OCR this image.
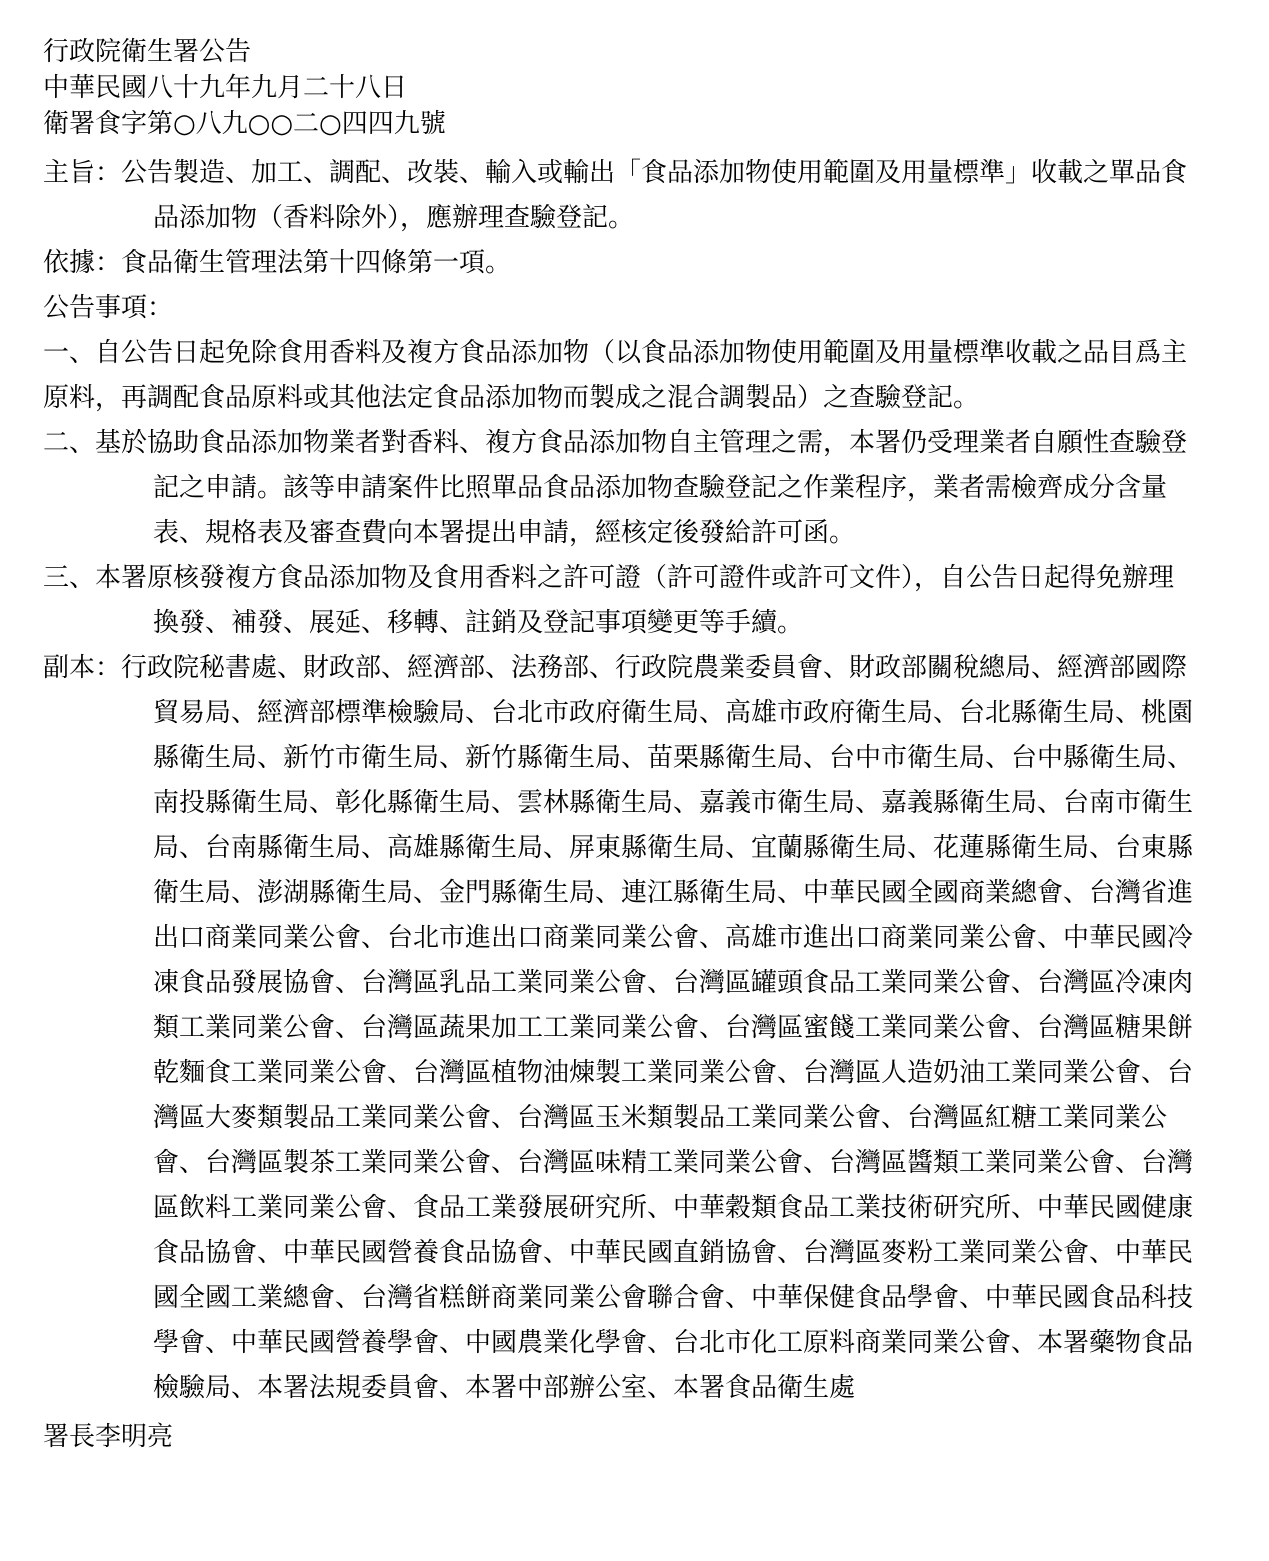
行政院衛生署公告

中華民國八十九年九月二十八日

衛署食字第○八九○○二○四四九號

主旨：公告製造、加工、調配、改裝、輸入或輸出「食品添加物使用範圍及用量標準」收載之單品食品添加物（香料除外），應辦理查驗登記。

依據：食品衛生管理法第十四條第一項。

公告事項：

一、自公告日起免除食用香料及複方食品添加物（以食品添加物使用範圍及用量標準收載之品目爲主原料，再調配食品原料或其他法定食品添加物而製成之混合調製品）之查驗登記。

二、基於協助食品添加物業者對香料、複方食品添加物自主管理之需，本署仍受理業者自願性查驗登記之申請。該等申請案件比照單品食品添加物查驗登記之作業程序，業者需檢齊成分含量表、規格表及審查費向本署提出申請，經核定後發給許可函。

三、本署原核發複方食品添加物及食用香料之許可證（許可證件或許可文件），自公告日起得免辦理換發、補發、展延、移轉、註銷及登記事項變更等手續。

副本：行政院秘書處、財政部、經濟部、法務部、行政院農業委員會、財政部關稅總局、經濟部國際貿易局、經濟部標準檢驗局、台北市政府衛生局、高雄市政府衛生局、台北縣衛生局、桃園縣衛生局、新竹市衛生局、新竹縣衛生局、苗栗縣衛生局、台中市衛生局、台中縣衛生局、南投縣衛生局、彰化縣衛生局、雲林縣衛生局、嘉義市衛生局、嘉義縣衛生局、台南市衛生局、台南縣衛生局、高雄縣衛生局、屏東縣衛生局、宜蘭縣衛生局、花蓮縣衛生局、台東縣衛生局、澎湖縣衛生局、金門縣衛生局、連江縣衛生局、中華民國全國商業總會、台灣省進出口商業同業公會、台北市進出口商業同業公會、高雄市進出口商業同業公會、中華民國冷凍食品發展協會、台灣區乳品工業同業公會、台灣區罐頭食品工業同業公會、台灣區冷凍肉類工業同業公會、台灣區蔬果加工工業同業公會、台灣區蜜餞工業同業公會、台灣區糖果餅乾麵食工業同業公會、台灣區植物油煉製工業同業公會、台灣區人造奶油工業同業公會、台灣區大麥類製品工業同業公會、台灣區玉米類製品工業同業公會、台灣區紅糖工業同業公會、台灣區製茶工業同業公會、台灣區味精工業同業公會、台灣區醬類工業同業公會、台灣區飲料工業同業公會、食品工業發展研究所、中華穀類食品工業技術研究所、中華民國健康食品協會、中華民國營養食品協會、中華民國直銷協會、台灣區麥粉工業同業公會、中華民國全國工業總會、台灣省糕餅商業同業公會聯合會、中華保健食品學會、中華民國食品科技學會、中華民國營養學會、中國農業化學會、台北市化工原料商業同業公會、本署藥物食品檢驗局、本署法規委員會、本署中部辦公室、本署食品衛生處

署長李明亮
